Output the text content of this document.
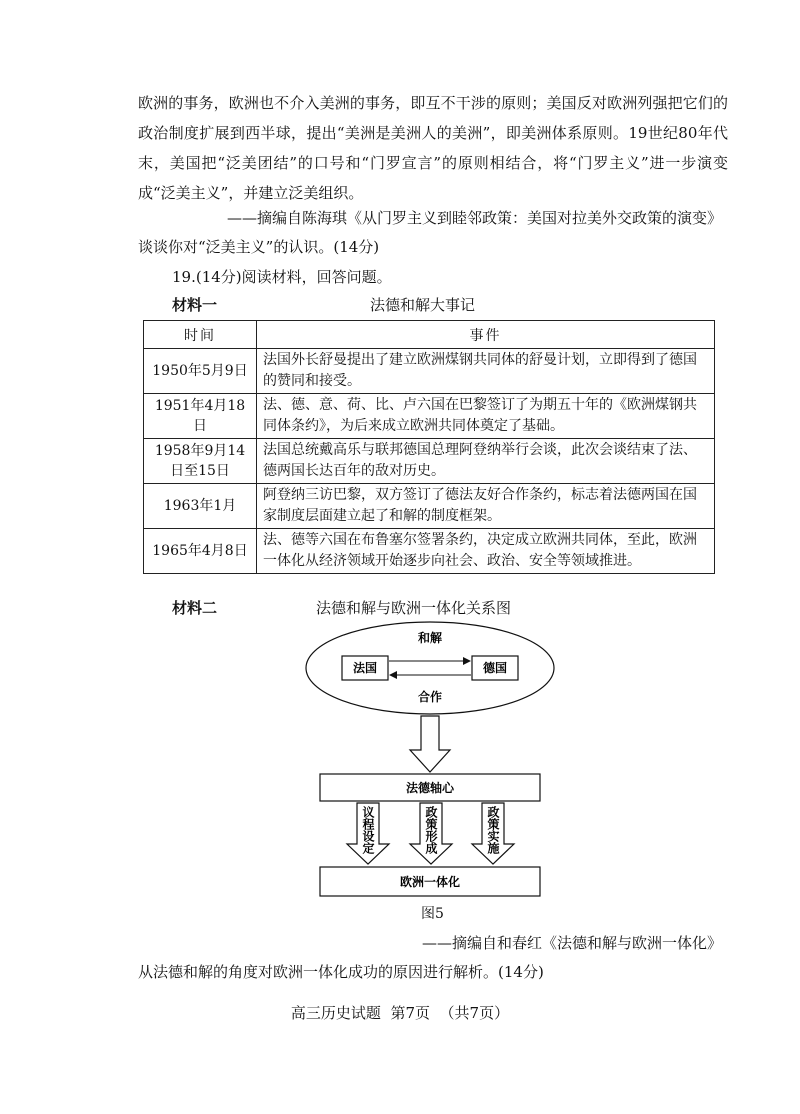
欧洲的事务，欧洲也不介入美洲的事务，即互不干涉的原则；美国反对欧洲列强把它们的政治制度扩展到西半球，提出“美洲是美洲人的美洲”，即美洲体系原则。19世纪80年代末，美国把“泛美团结”的口号和“门罗宣言”的原则相结合，将“门罗主义”进一步演变成“泛美主义”，并建立泛美组织。

——摘编自陈海琪《从门罗主义到睦邻政策：美国对拉美外交政策的演变》
谈谈你对“泛美主义”的认识。(14分)
19.(14分)阅读材料，回答问题。
材料一	法德和解大事记
时间	事件
1950年5月9日	法国外长舒曼提出了建立欧洲煤钢共同体的舒曼计划，立即得到了德国的赞同和接受。
1951年4月18日	法、德、意、荷、比、卢六国在巴黎签订了为期五十年的《欧洲煤钢共同体条约》，为后来成立欧洲共同体奠定了基础。
1958年9月14日至15日	法国总统戴高乐与联邦德国总理阿登纳举行会谈，此次会谈结束了法、德两国长达百年的敌对历史。
1963年1月	阿登纳三访巴黎，双方签订了德法友好合作条约，标志着法德两国在国家制度层面建立起了和解的制度框架。
1965年4月8日	法、德等六国在布鲁塞尔签署条约，决定成立欧洲共同体，至此，欧洲一体化从经济领域开始逐步向社会、政治、安全等领域推进。
材料二	法德和解与欧洲一体化关系图
和解
法国	德国
合作
法德轴心
议程设定	政策形成	政策实施
欧洲一体化
图5
——摘编自和春红《法德和解与欧洲一体化》
从法德和解的角度对欧洲一体化成功的原因进行解析。(14分)
高三历史试题  第7页  （共7页）
